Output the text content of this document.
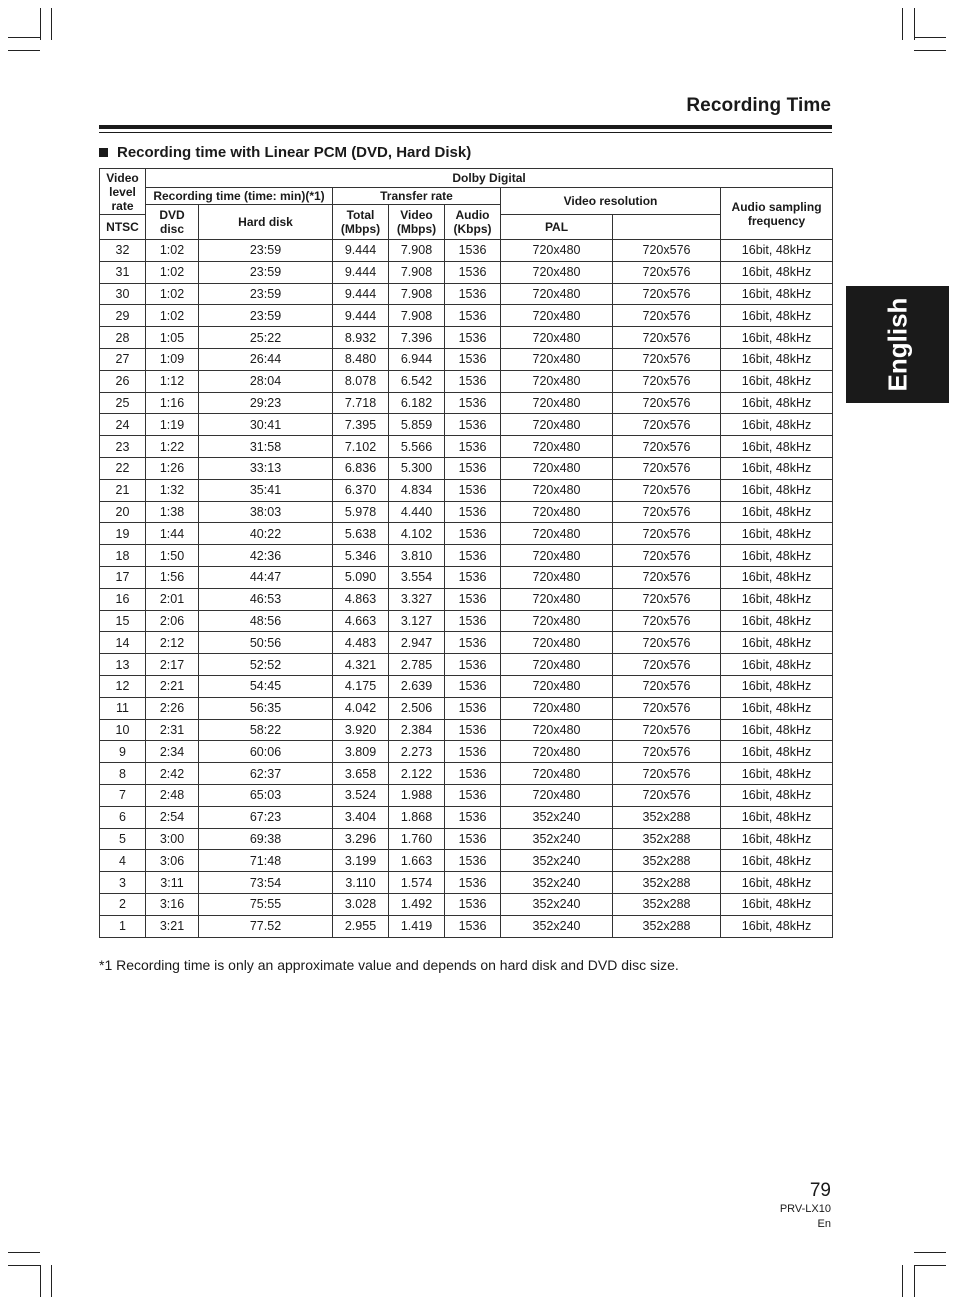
Recording Time
Recording time with Linear PCM (DVD, Hard Disk)
English
Video level rate	Dolby Digital							
	Recording time (time: min)(*1)		Transfer rate			Video resolution		Audio sampling frequency
	DVD disc	Hard disk	Total (Mbps)	Video (Mbps)	Audio (Kbps)			
NTSC						PAL		
32	1:02	23:59	9.444	7.908	1536	720x480	720x576	16bit, 48kHz
31	1:02	23:59	9.444	7.908	1536	720x480	720x576	16bit, 48kHz
30	1:02	23:59	9.444	7.908	1536	720x480	720x576	16bit, 48kHz
29	1:02	23:59	9.444	7.908	1536	720x480	720x576	16bit, 48kHz
28	1:05	25:22	8.932	7.396	1536	720x480	720x576	16bit, 48kHz
27	1:09	26:44	8.480	6.944	1536	720x480	720x576	16bit, 48kHz
26	1:12	28:04	8.078	6.542	1536	720x480	720x576	16bit, 48kHz
25	1:16	29:23	7.718	6.182	1536	720x480	720x576	16bit, 48kHz
24	1:19	30:41	7.395	5.859	1536	720x480	720x576	16bit, 48kHz
23	1:22	31:58	7.102	5.566	1536	720x480	720x576	16bit, 48kHz
22	1:26	33:13	6.836	5.300	1536	720x480	720x576	16bit, 48kHz
21	1:32	35:41	6.370	4.834	1536	720x480	720x576	16bit, 48kHz
20	1:38	38:03	5.978	4.440	1536	720x480	720x576	16bit, 48kHz
19	1:44	40:22	5.638	4.102	1536	720x480	720x576	16bit, 48kHz
18	1:50	42:36	5.346	3.810	1536	720x480	720x576	16bit, 48kHz
17	1:56	44:47	5.090	3.554	1536	720x480	720x576	16bit, 48kHz
16	2:01	46:53	4.863	3.327	1536	720x480	720x576	16bit, 48kHz
15	2:06	48:56	4.663	3.127	1536	720x480	720x576	16bit, 48kHz
14	2:12	50:56	4.483	2.947	1536	720x480	720x576	16bit, 48kHz
13	2:17	52:52	4.321	2.785	1536	720x480	720x576	16bit, 48kHz
12	2:21	54:45	4.175	2.639	1536	720x480	720x576	16bit, 48kHz
11	2:26	56:35	4.042	2.506	1536	720x480	720x576	16bit, 48kHz
10	2:31	58:22	3.920	2.384	1536	720x480	720x576	16bit, 48kHz
9	2:34	60:06	3.809	2.273	1536	720x480	720x576	16bit, 48kHz
8	2:42	62:37	3.658	2.122	1536	720x480	720x576	16bit, 48kHz
7	2:48	65:03	3.524	1.988	1536	720x480	720x576	16bit, 48kHz
6	2:54	67:23	3.404	1.868	1536	352x240	352x288	16bit, 48kHz
5	3:00	69:38	3.296	1.760	1536	352x240	352x288	16bit, 48kHz
4	3:06	71:48	3.199	1.663	1536	352x240	352x288	16bit, 48kHz
3	3:11	73:54	3.110	1.574	1536	352x240	352x288	16bit, 48kHz
2	3:16	75:55	3.028	1.492	1536	352x240	352x288	16bit, 48kHz
1	3:21	77.52	2.955	1.419	1536	352x240	352x288	16bit, 48kHz
*1 Recording time is only an approximate value and depends on hard disk and DVD disc size.
79
PRV-LX10
En
